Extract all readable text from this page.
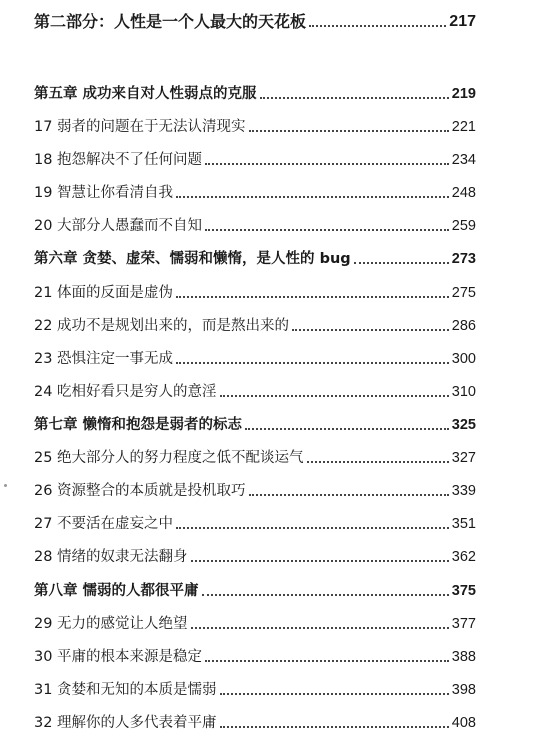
第二部分：人性是一个人最大的天花板	217
第五章 成功来自对人性弱点的克服	219
17 弱者的问题在于无法认清现实	221
18 抱怨解决不了任何问题	234
19 智慧让你看清自我	248
20 大部分人愚蠢而不自知	259
第六章 贪婪、虚荣、懦弱和懒惰，是人性的 bug	273
21 体面的反面是虚伪	275
22 成功不是规划出来的，而是熬出来的	286
23 恐惧注定一事无成	300
24 吃相好看只是穷人的意淫	310
第七章 懒惰和抱怨是弱者的标志	325
25 绝大部分人的努力程度之低不配谈运气	327
26 资源整合的本质就是投机取巧	339
27 不要活在虚妄之中	351
28 情绪的奴隶无法翻身	362
第八章 懦弱的人都很平庸	375
29 无力的感觉让人绝望	377
30 平庸的根本来源是稳定	388
31 贪婪和无知的本质是懦弱	398
32 理解你的人多代表着平庸	408
